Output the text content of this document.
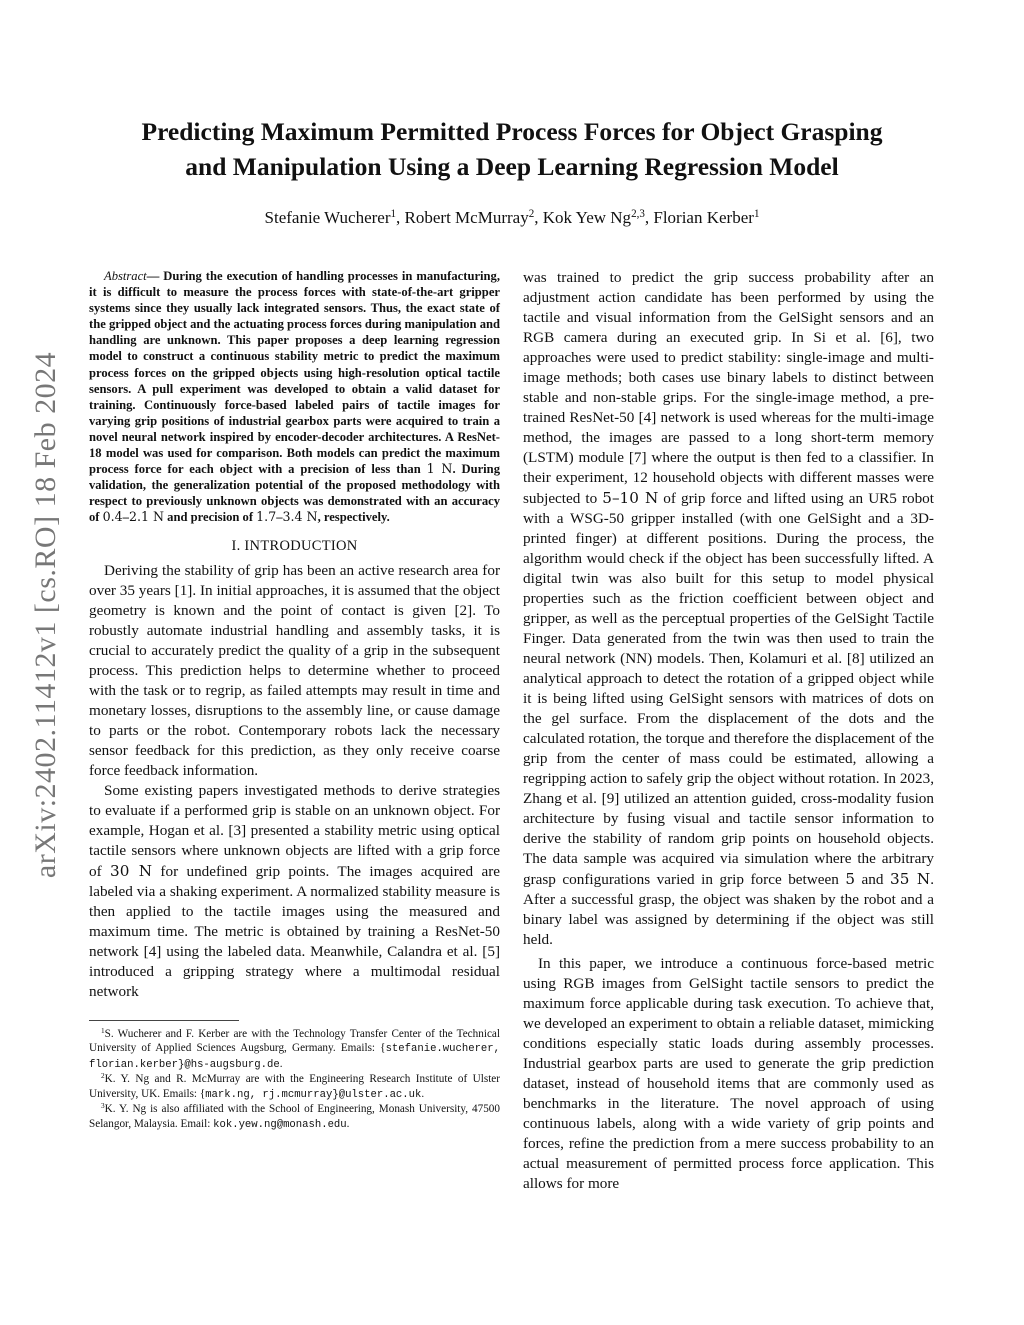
Predicting Maximum Permitted Process Forces for Object Grasping
and Manipulation Using a Deep Learning Regression Model
Stefanie Wucherer$^1$, Robert McMurray$^2$, Kok Yew Ng$^{2,3}$, Florian Kerber$^1$
arXiv:2402.11412v1 [cs.RO] 18 Feb 2024

Abstract— During the execution of handling processes in manufacturing, it is difficult to measure the process forces with state-of-the-art gripper systems since they usually lack integrated sensors. Thus, the exact state of the gripped object and the actuating process forces during manipulation and handling are unknown. This paper proposes a deep learning regression model to construct a continuous stability metric to predict the maximum process forces on the gripped objects using high-resolution optical tactile sensors. A pull experiment was developed to obtain a valid dataset for training. Continuously force-based labeled pairs of tactile images for varying grip positions of industrial gearbox parts were acquired to train a novel neural network inspired by encoder-decoder architectures. A ResNet-18 model was used for comparison. Both models can predict the maximum process force for each object with a precision of less than 1 N. During validation, the generalization potential of the proposed methodology with respect to previously unknown objects was demonstrated with an accuracy of 0.4–2.1 N and precision of 1.7–3.4 N, respectively.

I. INTRODUCTION

Deriving the stability of grip has been an active research area for over 35 years [1]. In initial approaches, it is assumed that the object geometry is known and the point of contact is given [2]. To robustly automate industrial handling and assembly tasks, it is crucial to accurately predict the quality of a grip in the subsequent process. This prediction helps to determine whether to proceed with the task or to regrip, as failed attempts may result in time and monetary losses, disruptions to the assembly line, or cause damage to parts or the robot. Contemporary robots lack the necessary sensor feedback for this prediction, as they only receive coarse force feedback information.

Some existing papers investigated methods to derive strategies to evaluate if a performed grip is stable on an unknown object. For example, Hogan et al. [3] presented a stability metric using optical tactile sensors where unknown objects are lifted with a grip force of 30 N for undefined grip points. The images acquired are labeled via a shaking experiment. A normalized stability measure is then applied to the tactile images using the measured and maximum time. The metric is obtained by training a ResNet-50 network [4] using the labeled data. Meanwhile, Calandra et al. [5] introduced a gripping strategy where a multimodal residual network

$^1$S. Wucherer and F. Kerber are with the Technology Transfer Center of the Technical University of Applied Sciences Augsburg, Germany. Emails: {stefanie.wucherer, florian.kerber}@hs-augsburg.de.

$^2$K. Y. Ng and R. McMurray are with the Engineering Research Institute of Ulster University, UK. Emails: {mark.ng, rj.mcmurray}@ulster.ac.uk.

$^3$K. Y. Ng is also affiliated with the School of Engineering, Monash University, 47500 Selangor, Malaysia. Email: kok.yew.ng@monash.edu.

was trained to predict the grip success probability after an adjustment action candidate has been performed by using the tactile and visual information from the GelSight sensors and an RGB camera during an executed grip. In Si et al. [6], two approaches were used to predict stability: single-image and multi-image methods; both cases use binary labels to distinct between stable and non-stable grips. For the single-image method, a pre-trained ResNet-50 [4] network is used whereas for the multi-image method, the images are passed to a long short-term memory (LSTM) module [7] where the output is then fed to a classifier. In their experiment, 12 household objects with different masses were subjected to 5–10 N of grip force and lifted using an UR5 robot with a WSG-50 gripper installed (with one GelSight and a 3D-printed finger) at different positions. During the process, the algorithm would check if the object has been successfully lifted. A digital twin was also built for this setup to model physical properties such as the friction coefficient between object and gripper, as well as the perceptual properties of the GelSight Tactile Finger. Data generated from the twin was then used to train the neural network (NN) models. Then, Kolamuri et al. [8] utilized an analytical approach to detect the rotation of a gripped object while it is being lifted using GelSight sensors with matrices of dots on the gel surface. From the displacement of the dots and the calculated rotation, the torque and therefore the displacement of the grip from the center of mass could be estimated, allowing a regripping action to safely grip the object without rotation. In 2023, Zhang et al. [9] utilized an attention guided, cross-modality fusion architecture by fusing visual and tactile sensor information to derive the stability of random grip points on household objects. The data sample was acquired via simulation where the arbitrary grasp configurations varied in grip force between 5 and 35 N. After a successful grasp, the object was shaken by the robot and a binary label was assigned by determining if the object was still held.

In this paper, we introduce a continuous force-based metric using RGB images from GelSight tactile sensors to predict the maximum force applicable during task execution. To achieve that, we developed an experiment to obtain a reliable dataset, mimicking conditions especially static loads during assembly processes. Industrial gearbox parts are used to generate the grip prediction dataset, instead of household items that are commonly used as benchmarks in the literature. The novel approach of using continuous labels, along with a wide variety of grip points and forces, refine the prediction from a mere success probability to an actual measurement of permitted process force application. This allows for more
